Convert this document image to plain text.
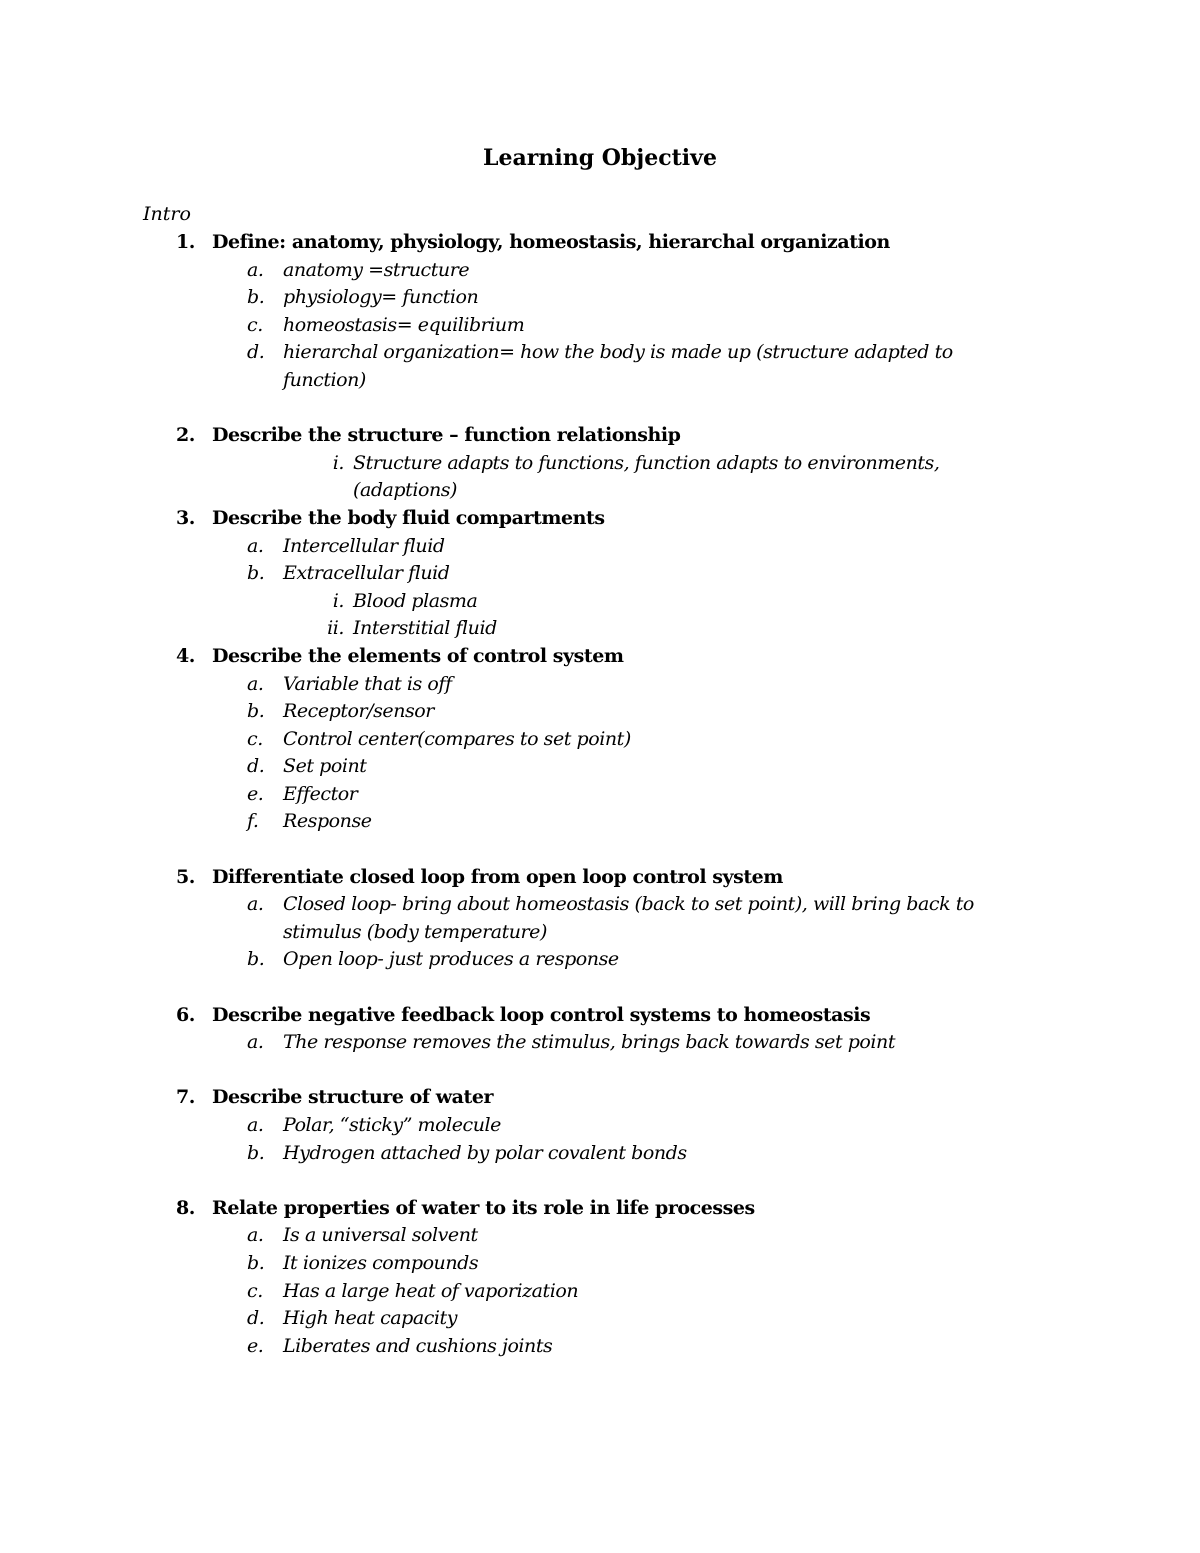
Learning Objective
Intro
1. Define: anatomy, physiology, homeostasis, hierarchal organization
a. anatomy =structure
b. physiology= function
c. homeostasis= equilibrium
d. hierarchal organization= how the body is made up (structure adapted to function)
2. Describe the structure – function relationship
i. Structure adapts to functions, function adapts to environments, (adaptions)
3. Describe the body fluid compartments
a. Intercellular fluid
b. Extracellular fluid
i. Blood plasma
ii. Interstitial fluid
4. Describe the elements of control system
a. Variable that is off
b. Receptor/sensor
c. Control center(compares to set point)
d. Set point
e. Effector
f. Response
5. Differentiate closed loop from open loop control system
a. Closed loop- bring about homeostasis (back to set point), will bring back to stimulus (body temperature)
b. Open loop- just produces a response
6. Describe negative feedback loop control systems to homeostasis
a. The response removes the stimulus, brings back towards set point
7. Describe structure of water
a. Polar, “sticky” molecule
b. Hydrogen attached by polar covalent bonds
8. Relate properties of water to its role in life processes
a. Is a universal solvent
b. It ionizes compounds
c. Has a large heat of vaporization
d. High heat capacity
e. Liberates and cushions joints
